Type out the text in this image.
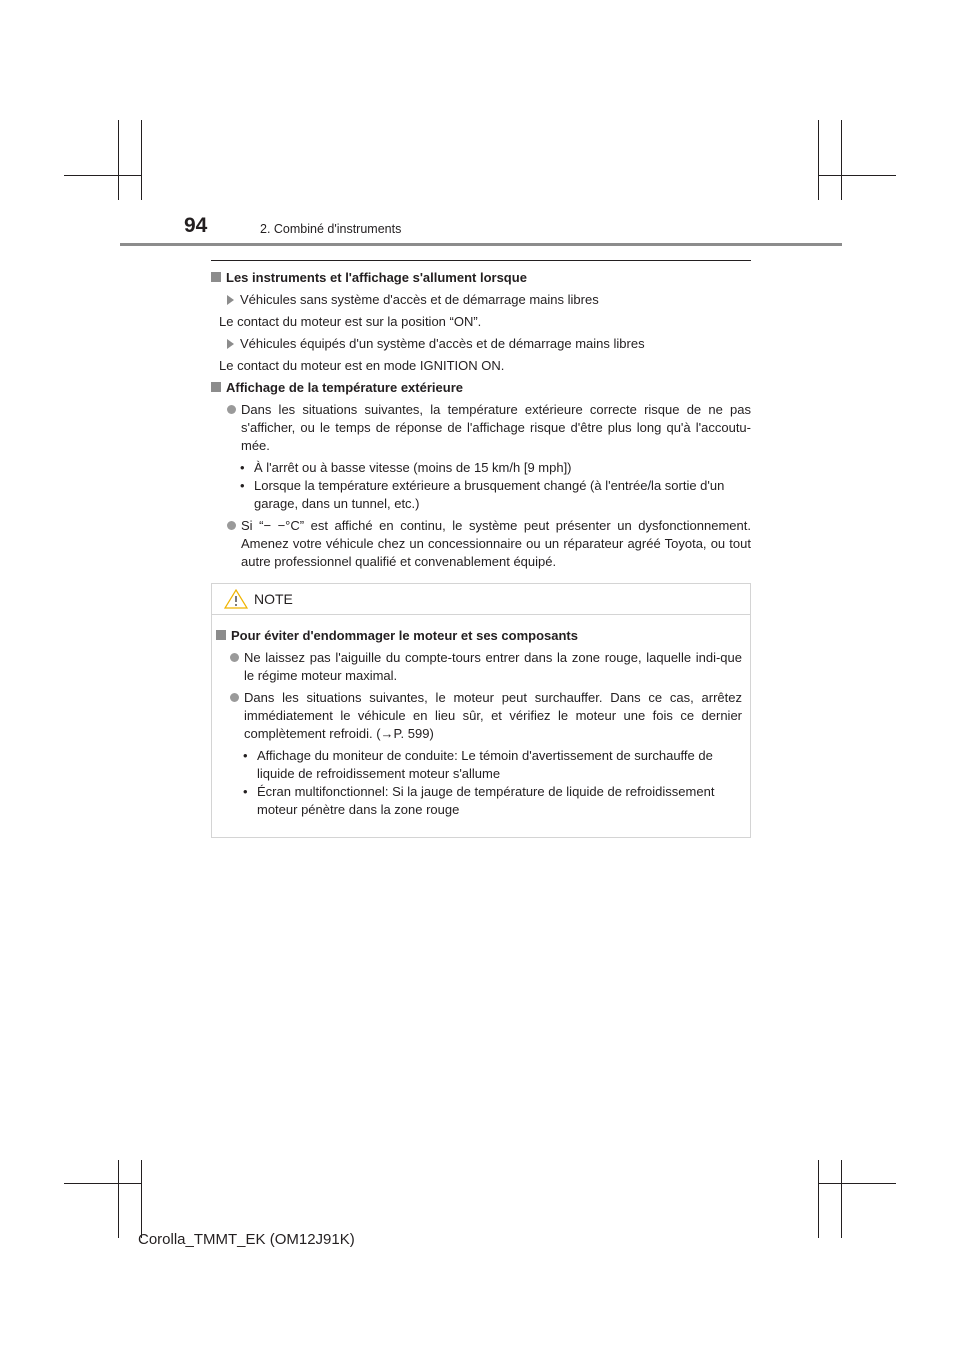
94	2. Combiné d'instruments
Les instruments et l'affichage s'allument lorsque
Véhicules sans système d'accès et de démarrage mains libres
Le contact du moteur est sur la position “ON”.
Véhicules équipés d'un système d'accès et de démarrage mains libres
Le contact du moteur est en mode IGNITION ON.
Affichage de la température extérieure
Dans les situations suivantes, la température extérieure correcte risque de ne pas s'afficher, ou le temps de réponse de l'affichage risque d'être plus long qu'à l'accoutu-mée.
• À l'arrêt ou à basse vitesse (moins de 15 km/h [9 mph])
• Lorsque la température extérieure a brusquement changé (à l'entrée/la sortie d'un garage, dans un tunnel, etc.)
Si “− −°C” est affiché en continu, le système peut présenter un dysfonctionnement. Amenez votre véhicule chez un concessionnaire ou un réparateur agréé Toyota, ou tout autre professionnel qualifié et convenablement équipé.
NOTE
Pour éviter d'endommager le moteur et ses composants
Ne laissez pas l'aiguille du compte-tours entrer dans la zone rouge, laquelle indi-que le régime moteur maximal.
Dans les situations suivantes, le moteur peut surchauffer. Dans ce cas, arrêtez immédiatement le véhicule en lieu sûr, et vérifiez le moteur une fois ce dernier complètement refroidi. (→P. 599)
• Affichage du moniteur de conduite: Le témoin d'avertissement de surchauffe de liquide de refroidissement moteur s'allume
• Écran multifonctionnel: Si la jauge de température de liquide de refroidissement moteur pénètre dans la zone rouge
Corolla_TMMT_EK (OM12J91K)
